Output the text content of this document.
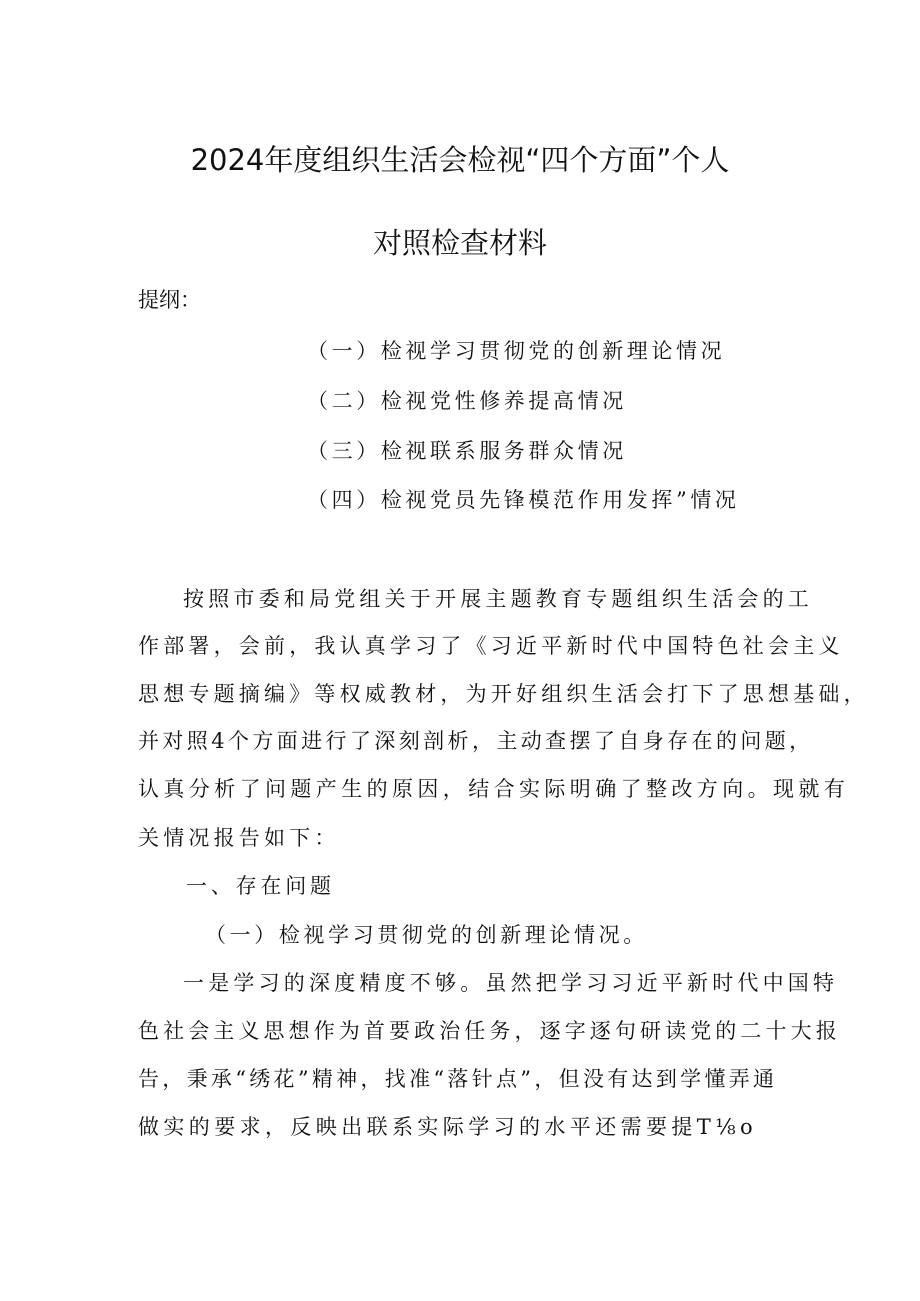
2024年度组织生活会检视“四个方面”个人
对照检查材料
提纲：
（一）检视学习贯彻党的创新理论情况
（二）检视党性修养提高情况
（三）检视联系服务群众情况
（四）检视党员先锋模范作用发挥”情况
按照市委和局党组关于开展主题教育专题组织生活会的工
作部署，会前，我认真学习了《习近平新时代中国特色社会主义
思想专题摘编》等权威教材，为开好组织生活会打下了思想基础，
并对照4个方面进行了深刻剖析，主动查摆了自身存在的问题，
认真分析了问题产生的原因，结合实际明确了整改方向。现就有
关情况报告如下：
一、存在问题
（一）检视学习贯彻党的创新理论情况。
一是学习的深度精度不够。虽然把学习习近平新时代中国特
色社会主义思想作为首要政治任务，逐字逐句研读党的二十大报
告，秉承“绣花”精神，找准“落针点”，但没有达到学懂弄通
做实的要求，反映出联系实际学习的水平还需要提T⅛o
